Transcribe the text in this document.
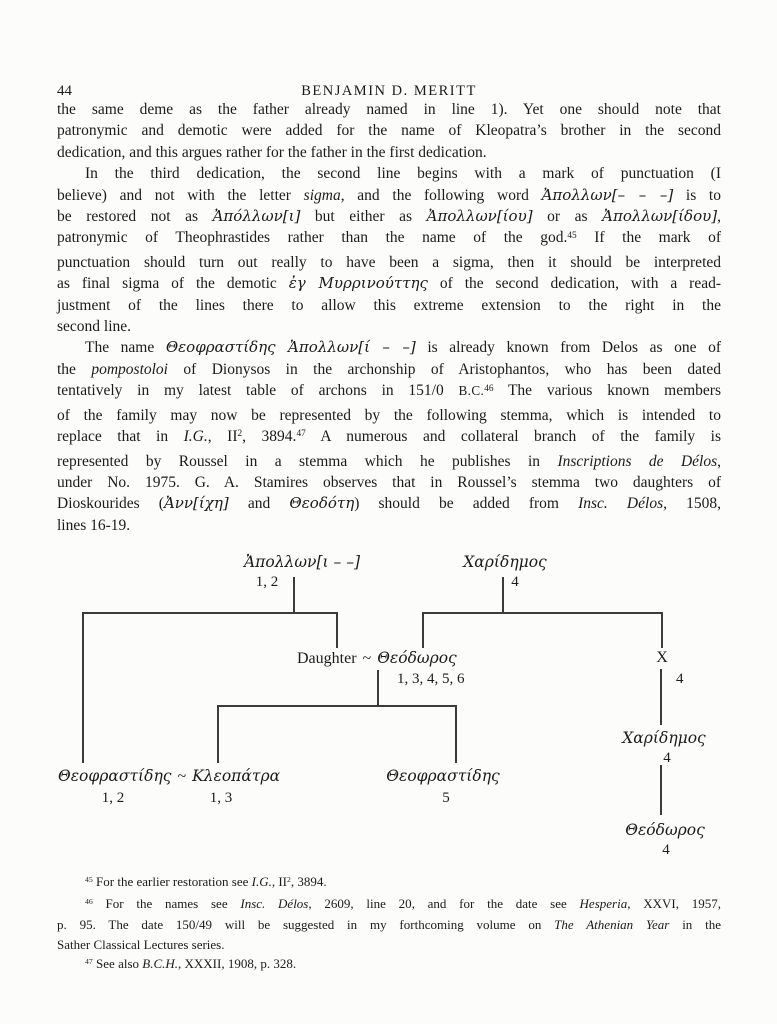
44	BENJAMIN D. MERITT
the same deme as the father already named in line 1). Yet one should note that
patronymic and demotic were added for the name of Kleopatra’s brother in the second
dedication, and this argues rather for the father in the first dedication.
In the third dedication, the second line begins with a mark of punctuation (I
believe) and not with the letter sigma, and the following word Ἀπολλων[– – –] is to
be restored not as Ἀπόλλων[ι] but either as Ἀπολλων[ίου] or as Ἀπολλων[ίδου],
patronymic of Theophrastides rather than the name of the god.$^{45}$ If the mark of
punctuation should turn out really to have been a sigma, then it should be interpreted
as final sigma of the demotic ἐγ Μυρρινούττης of the second dedication, with a read-
justment of the lines there to allow this extreme extension to the right in the
second line.
The name Θεοφραστίδης Ἀπολλων[ί – –] is already known from Delos as one of
the pompostoloi of Dionysos in the archonship of Aristophantos, who has been dated
tentatively in my latest table of archons in 151/0 B.C.$^{46}$ The various known members
of the family may now be represented by the following stemma, which is intended to
replace that in I.G., $II^2$, 3894.47 A numerous and collateral branch of the family is
represented by Roussel in a stemma which he publishes in Inscriptions de Délos,
under No. 1975. G. A. Stamires observes that in Roussel’s stemma two daughters of
Dioskourides (Ἀνν[ίχη] and Θεοδότη) should be added from Insc. Délos, 1508,
lines 16-19.
Ἀπολλων[ι – –]
1, 2
Χαρίδημος
4
Daughter ~ Θεόδωρος
1, 3, 4, 5, 6
X
4
Θεοφραστίδης ~ Κλεοπάτρα
1, 2	1, 3
Θεοφραστίδης
5
Χαρίδημος
4
Θεόδωρος
4
$^{45}$ For the earlier restoration see I.G., $II^2$, 3894.
$^{46}$ For the names see Insc. Délos, 2609, line 20, and for the date see Hesperia, XXVI, 1957,
p. 95. The date 150/49 will be suggested in my forthcoming volume on The Athenian Year in the
Sather Classical Lectures series.
$^{47}$ See also B.C.H., XXXII, 1908, p. 328.
